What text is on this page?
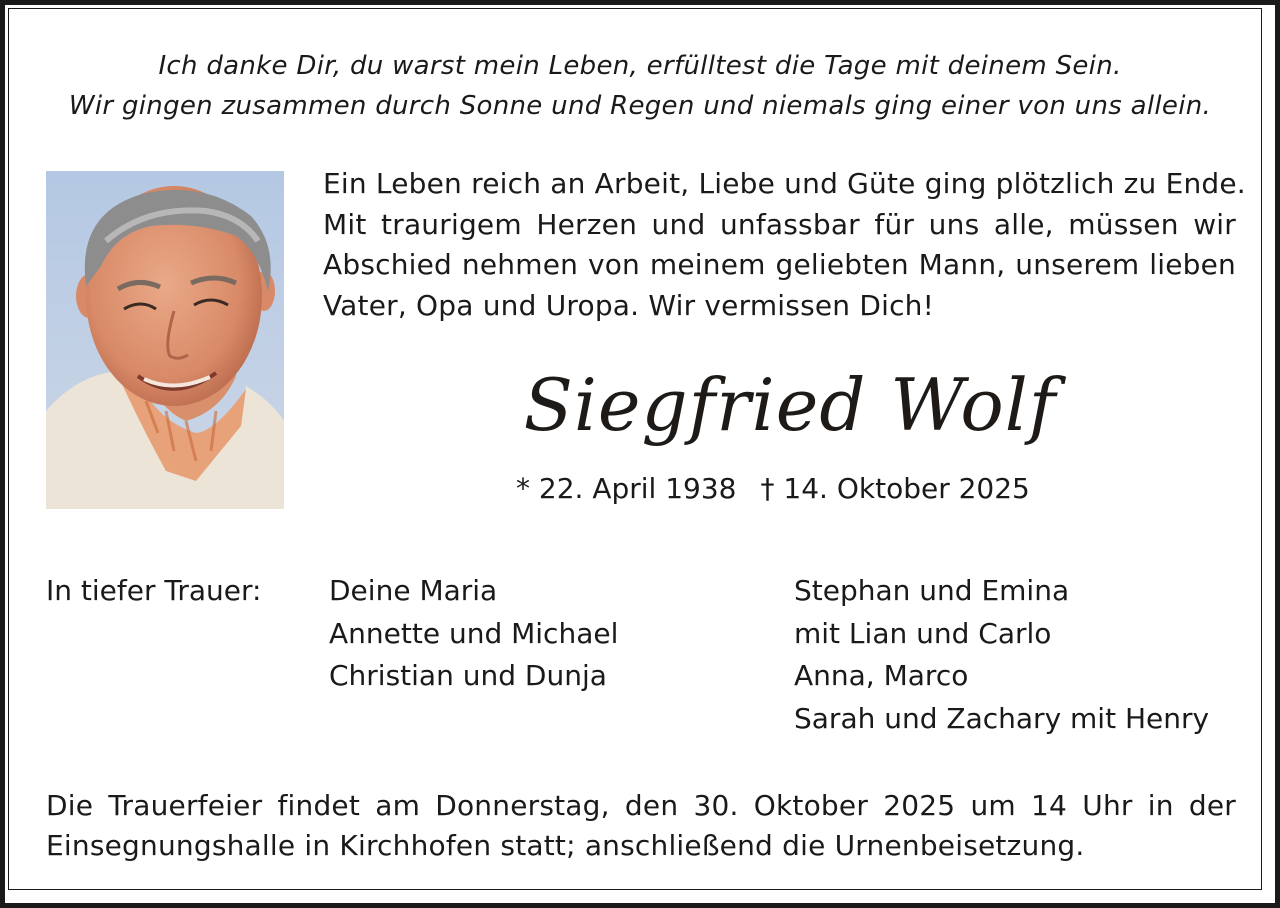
Ich danke Dir, du warst mein Leben, erfülltest die Tage mit deinem Sein.
Wir gingen zusammen durch Sonne und Regen und niemals ging einer von uns allein.
Ein Leben reich an Arbeit, Liebe und Güte ging plötzlich zu Ende.
Mit traurigem Herzen und unfassbar für uns alle, müssen wir
Abschied nehmen von meinem geliebten Mann, unserem lieben
Vater, Opa und Uropa. Wir vermissen Dich!
Siegfried Wolf
* 22. April 1938 † 14. Oktober 2025
In tiefer Trauer: Deine Maria
Annette und Michael
Christian und Dunja
Stephan und Emina
mit Lian und Carlo
Anna, Marco
Sarah und Zachary mit Henry
Die Trauerfeier findet am Donnerstag, den 30. Oktober 2025 um 14 Uhr in der
Einsegnungshalle in Kirchhofen statt; anschließend die Urnenbeisetzung.
